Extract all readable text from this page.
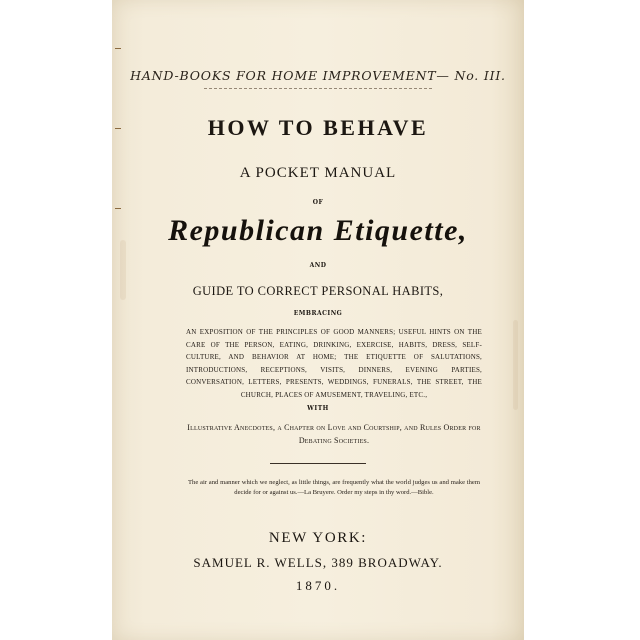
HAND-BOOKS FOR HOME IMPROVEMENT— No. III.
HOW TO BEHAVE
A POCKET MANUAL
OF
Republican Etiquette,
AND
GUIDE TO CORRECT PERSONAL HABITS,
EMBRACING
AN EXPOSITION OF THE PRINCIPLES OF GOOD MANNERS; USEFUL HINTS ON THE CARE OF THE PERSON, EATING, DRINKING, EXERCISE, HABITS, DRESS, SELF-CULTURE, AND BEHAVIOR AT HOME; THE ETIQUETTE OF SALUTATIONS, INTRODUCTIONS, RECEPTIONS, VISITS, DINNERS, EVENING PARTIES, CONVERSATION, LETTERS, PRESENTS, WEDDINGS, FUNERALS, THE STREET, THE CHURCH, PLACES OF AMUSEMENT, TRAVELING, ETC.,
WITH
Illustrative Anecdotes, a Chapter on Love and Courtship, and Rules Order for Debating Societies.
The air and manner which we neglect, as little things, are frequently what the world judges us and make them decide for or against us.—La Bruyere. Order my steps in thy word.—Bible.
NEW YORK:
SAMUEL R. WELLS, 389 BROADWAY.
1870.
